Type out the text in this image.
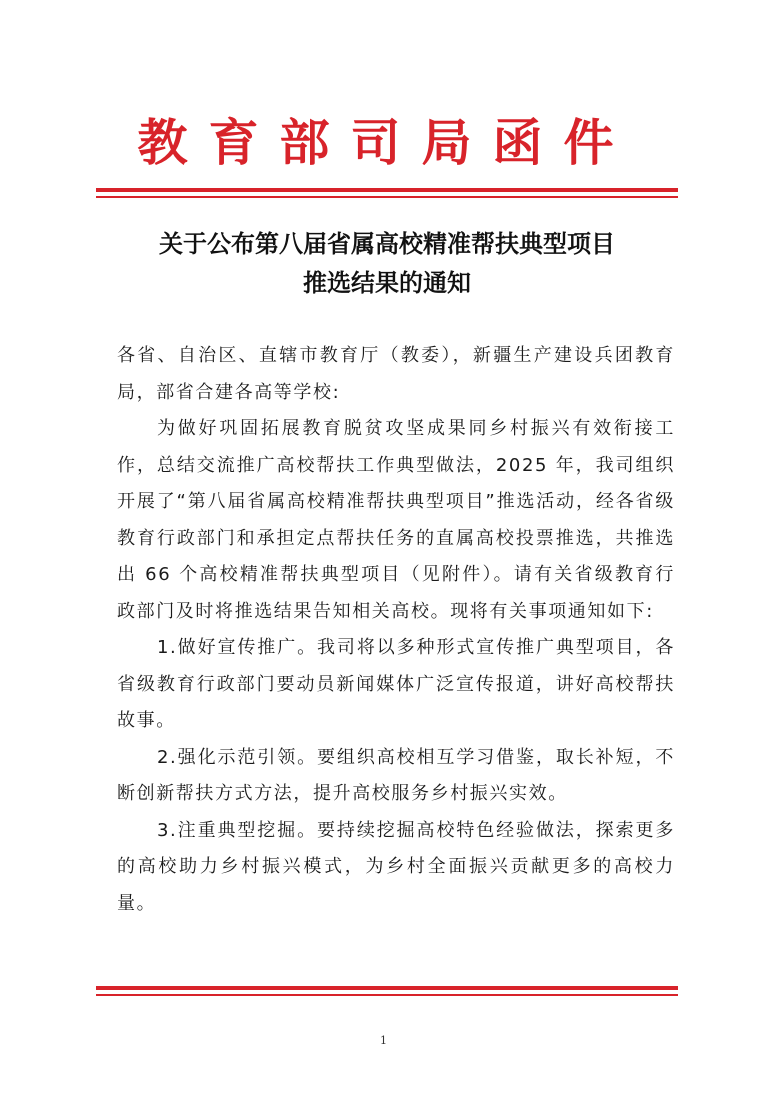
教育部司局函件
关于公布第八届省属高校精准帮扶典型项目
推选结果的通知

各省、自治区、直辖市教育厅（教委），新疆生产建设兵团教育局，部省合建各高等学校:

为做好巩固拓展教育脱贫攻坚成果同乡村振兴有效衔接工作，总结交流推广高校帮扶工作典型做法，2025 年，我司组织开展了“第八届省属高校精准帮扶典型项目”推选活动，经各省级教育行政部门和承担定点帮扶任务的直属高校投票推选，共推选出 66 个高校精准帮扶典型项目（见附件）。请有关省级教育行政部门及时将推选结果告知相关高校。现将有关事项通知如下:

1.做好宣传推广。我司将以多种形式宣传推广典型项目，各省级教育行政部门要动员新闻媒体广泛宣传报道，讲好高校帮扶故事。

2.强化示范引领。要组织高校相互学习借鉴，取长补短，不断创新帮扶方式方法，提升高校服务乡村振兴实效。

3.注重典型挖掘。要持续挖掘高校特色经验做法，探索更多的高校助力乡村振兴模式，为乡村全面振兴贡献更多的高校力量。

1
